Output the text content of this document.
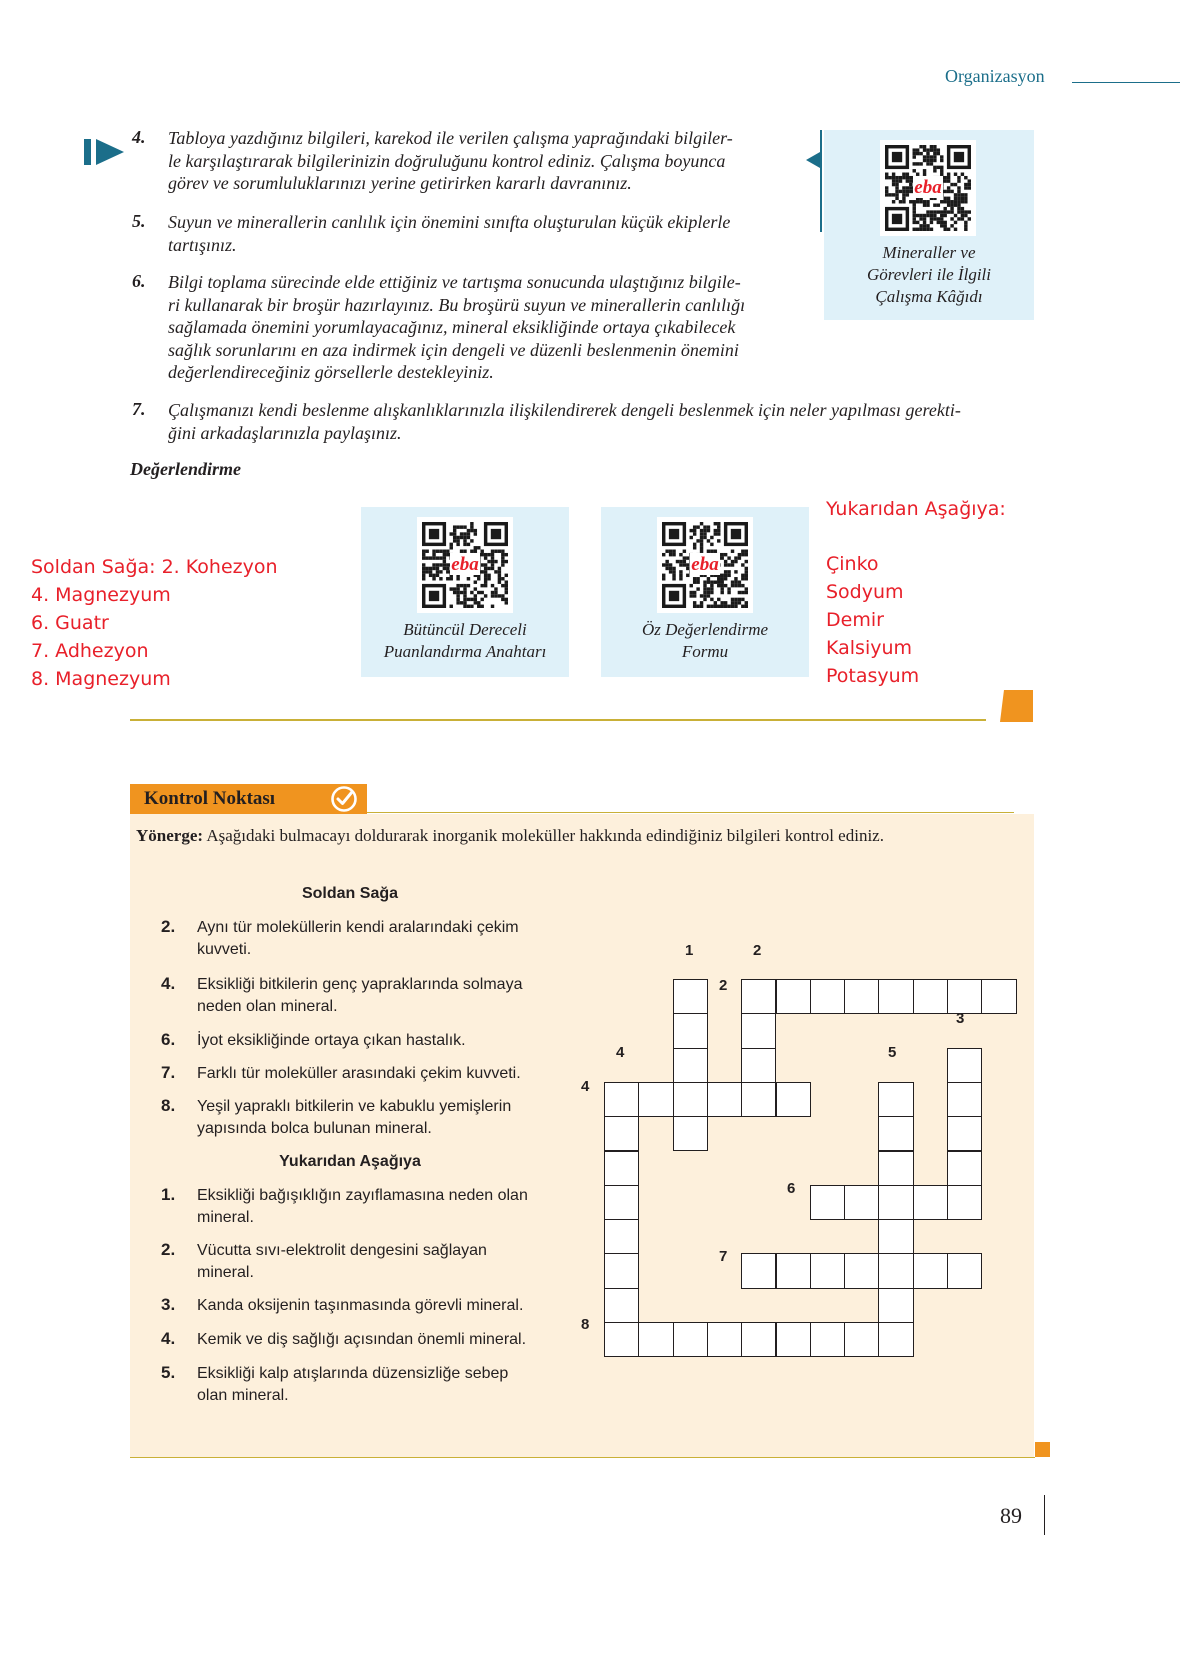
Organizasyon
4. Tabloya yazdığınız bilgileri, karekod ile verilen çalışma yaprağındaki bilgiler-
le karşılaştırarak bilgilerinizin doğruluğunu kontrol ediniz. Çalışma boyunca
görev ve sorumluluklarınızı yerine getirirken kararlı davranınız.
5. Suyun ve minerallerin canlılık için önemini sınıfta oluşturulan küçük ekiplerle
tartışınız.
6. Bilgi toplama sürecinde elde ettiğiniz ve tartışma sonucunda ulaştığınız bilgile-
ri kullanarak bir broşür hazırlayınız. Bu broşürü suyun ve minerallerin canlılığı
sağlamada önemini yorumlayacağınız, mineral eksikliğinde ortaya çıkabilecek
sağlık sorunlarını en aza indirmek için dengeli ve düzenli beslenmenin önemini
değerlendireceğiniz görsellerle destekleyiniz.
7. Çalışmanızı kendi beslenme alışkanlıklarınızla ilişkilendirerek dengeli beslenmek için neler yapılması gerekti-
ğini arkadaşlarınızla paylaşınız.
eba
Mineraller ve
Görevleri ile İlgili
Çalışma Kâğıdı
Değerlendirme
eba
Bütüncül Dereceli
Puanlandırma Anahtarı
eba
Öz Değerlendirme
Formu
Soldan Sağa: 2. Kohezyon
4. Magnezyum
6. Guatr
7. Adhezyon
8. Magnezyum
Yukarıdan Aşağıya:
Çinko
Sodyum
Demir
Kalsiyum
Potasyum
Kontrol Noktası
Yönerge: Aşağıdaki bulmacayı doldurarak inorganik moleküller hakkında edindiğiniz bilgileri kontrol ediniz.
Soldan Sağa
2. Aynı tür moleküllerin kendi aralarındaki çekim
kuvveti.
4. Eksikliği bitkilerin genç yapraklarında solmaya
neden olan mineral.
6. İyot eksikliğinde ortaya çıkan hastalık.
7. Farklı tür moleküller arasındaki çekim kuvveti.
8. Yeşil yapraklı bitkilerin ve kabuklu yemişlerin
yapısında bolca bulunan mineral.
Yukarıdan Aşağıya
1. Eksikliği bağışıklığın zayıflamasına neden olan
mineral.
2. Vücutta sıvı-elektrolit dengesini sağlayan
mineral.
3. Kanda oksijenin taşınmasında görevli mineral.
4. Kemik ve diş sağlığı açısından önemli mineral.
5. Eksikliği kalp atışlarında düzensizliğe sebep
olan mineral.
1	2
2
3
4	5
4
6
7
8
89
